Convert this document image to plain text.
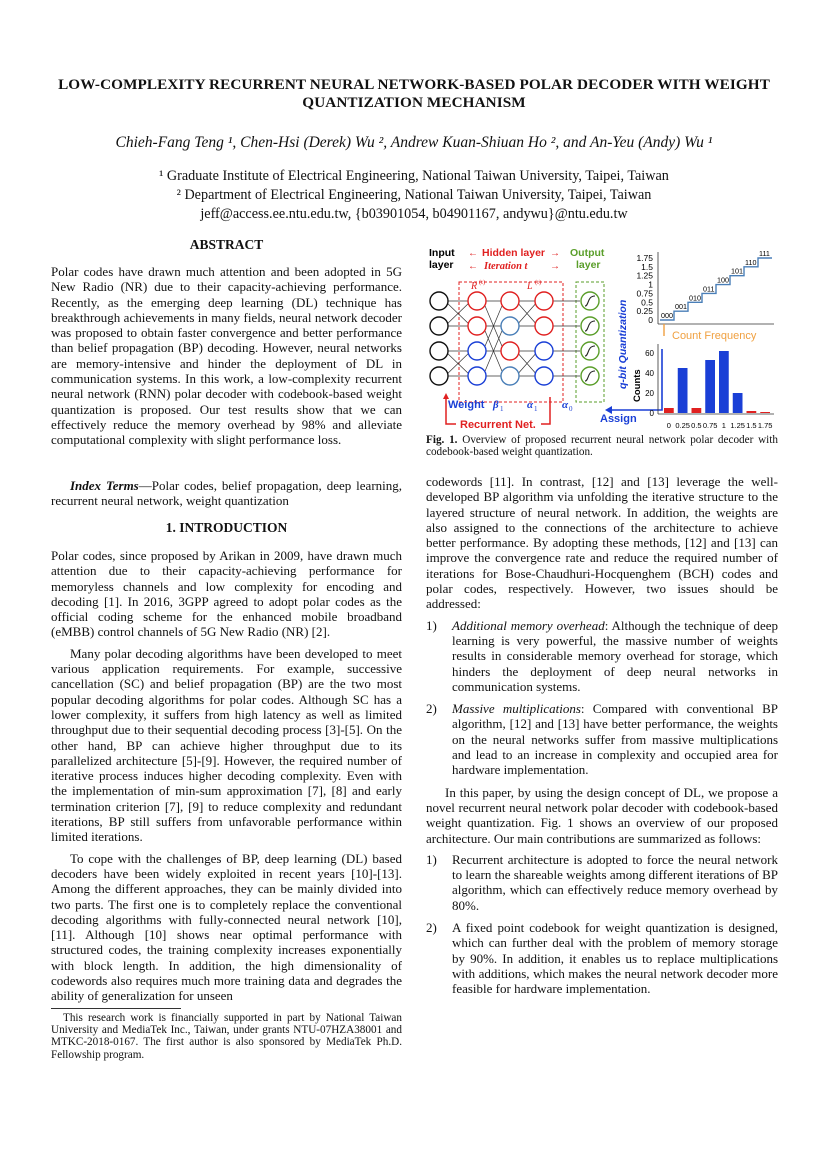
LOW-COMPLEXITY RECURRENT NEURAL NETWORK-BASED POLAR DECODER WITH WEIGHT QUANTIZATION MECHANISM
Chieh-Fang Teng ¹, Chen-Hsi (Derek) Wu ², Andrew Kuan-Shiuan Ho ², and An-Yeu (Andy) Wu ¹
¹ Graduate Institute of Electrical Engineering, National Taiwan University, Taipei, Taiwan
² Department of Electrical Engineering, National Taiwan University, Taipei, Taiwan
jeff@access.ee.ntu.edu.tw, {b03901054, b04901167, andywu}@ntu.edu.tw
ABSTRACT

Polar codes have drawn much attention and been adopted in 5G New Radio (NR) due to their capacity-achieving performance. Recently, as the emerging deep learning (DL) technique has breakthrough achievements in many fields, neural network decoder was proposed to obtain faster convergence and better performance than belief propagation (BP) decoding. However, neural networks are memory-intensive and hinder the deployment of DL in communication systems. In this work, a low-complexity recurrent neural network (RNN) polar decoder with codebook-based weight quantization is proposed. Our test results show that we can effectively reduce the memory overhead by 98% and alleviate computational complexity with slight performance loss.

Index Terms—Polar codes, belief propagation, deep learning, recurrent neural network, weight quantization

1. INTRODUCTION

Polar codes, since proposed by Arikan in 2009, have drawn much attention due to their capacity-achieving performance for memoryless channels and low complexity for encoding and decoding [1]. In 2016, 3GPP agreed to adopt polar codes as the official coding scheme for the enhanced mobile broadband (eMBB) control channels of 5G New Radio (NR) [2].

Many polar decoding algorithms have been developed to meet various application requirements. For example, successive cancellation (SC) and belief propagation (BP) are the two most popular decoding algorithms for polar codes. Although SC has a lower complexity, it suffers from high latency as well as limited throughput due to their sequential decoding process [3]-[5]. On the other hand, BP can achieve higher throughput due to its parallelized architecture [5]-[9]. However, the required number of iterative process induces higher decoding complexity. Even with the implementation of min-sum approximation [7], [8] and early termination criterion [7], [9] to reduce complexity and redundant iterations, BP still suffers from unfavorable performance within limited iterations.

To cope with the challenges of BP, deep learning (DL) based decoders have been widely exploited in recent years [10]-[13]. Among the different approaches, they can be mainly divided into two parts. The first one is to completely replace the conventional decoding algorithms with fully-connected neural network [10], [11]. Although [10] shows near optimal performance with structured codes, the training complexity increases exponentially with block length. In addition, the high dimensionality of codewords also requires much more training data and degrades the ability of generalization for unseen

This research work is financially supported in part by National Taiwan University and MediaTek Inc., Taiwan, under grants NTU-07HZA38001 and MTKC-2018-0167. The first author is also sponsored by MediaTek Ph.D. Fellowship program.
Input
layer
← Hidden layer →
← Iteration t →
Output
layer
R (t)	L (t)
Weight β 1 α 1 α 0
Recurrent Net.	Assign
q-bit Quantization
1.75
1.5
1.25
1
0.75
0.5
0.25
0 000
001
010
011
100
101
110
111
Count Frequency
Counts
60
40
20
0
0 0.25 0.5 0.75 1 1.25 1.5 1.75
Fig. 1. Overview of proposed recurrent neural network polar decoder with codebook-based weight quantization.

codewords [11]. In contrast, [12] and [13] leverage the well-developed BP algorithm via unfolding the iterative structure to the layered structure of neural network. In addition, the weights are also assigned to the connections of the architecture to achieve better performance. By adopting these methods, [12] and [13] can improve the convergence rate and reduce the required number of iterations for Bose-Chaudhuri-Hocquenghem (BCH) codes and polar codes, respectively. However, two issues should be addressed:

1) Additional memory overhead: Although the technique of deep learning is very powerful, the massive number of weights results in considerable memory overhead for storage, which hinders the deployment of deep neural networks in communication systems.
2) Massive multiplications: Compared with conventional BP algorithm, [12] and [13] have better performance, the weights on the neural networks suffer from massive multiplications and lead to an increase in complexity and occupied area for hardware implementation.

In this paper, by using the design concept of DL, we propose a novel recurrent neural network polar decoder with codebook-based weight quantization. Fig. 1 shows an overview of our proposed architecture. Our main contributions are summarized as follows:

1) Recurrent architecture is adopted to force the neural network to learn the shareable weights among different iterations of BP algorithm, which can effectively reduce memory overhead by 80%.
2) A fixed point codebook for weight quantization is designed, which can further deal with the problem of memory storage by 90%. In addition, it enables us to replace multiplications with additions, which makes the neural network decoder more feasible for hardware implementation.
